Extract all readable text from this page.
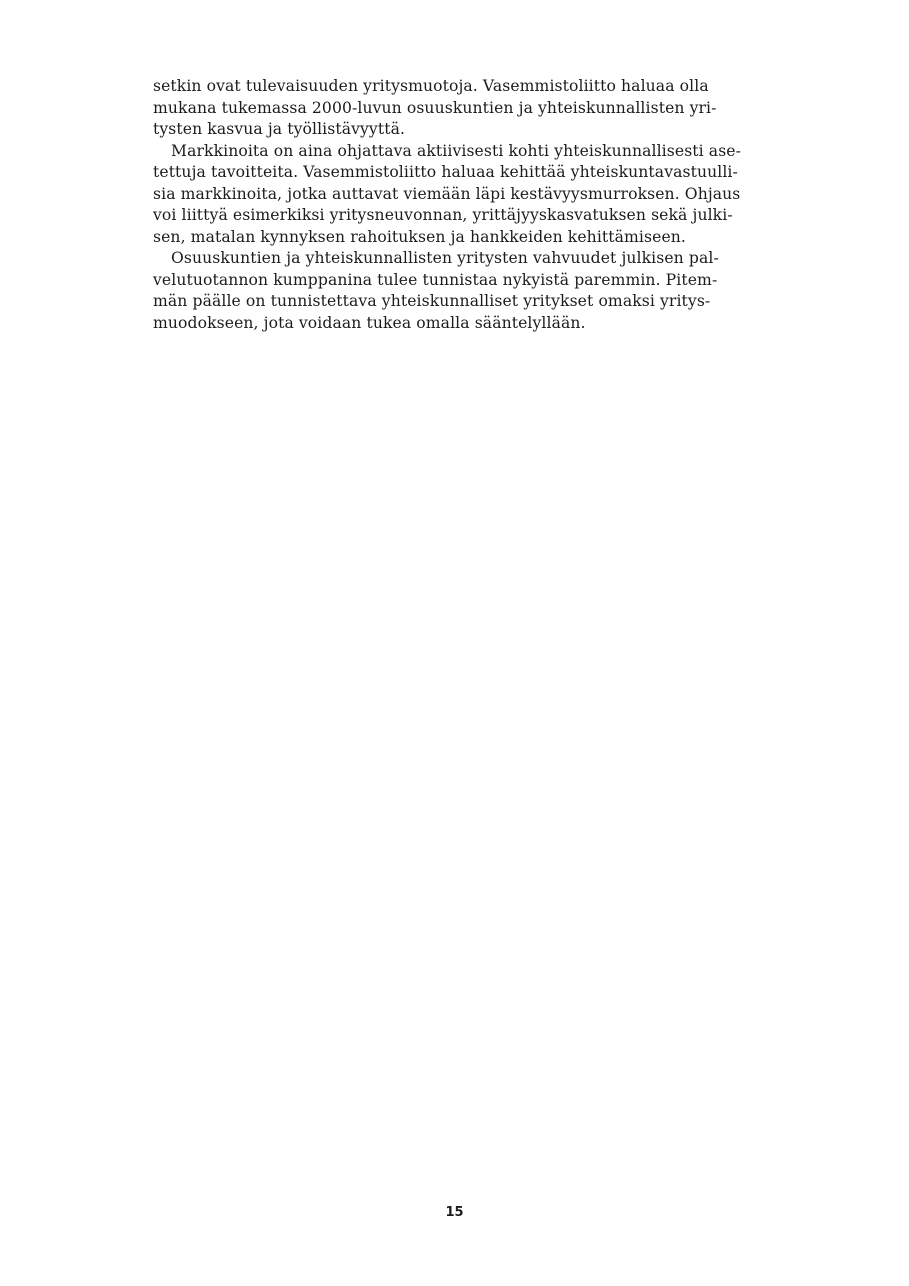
setkin ovat tulevaisuuden yritysmuotoja. Vasemmistoliitto haluaa olla
mukana tukemassa 2000-luvun osuuskuntien ja yhteiskunnallisten yri-
tysten kasvua ja työllistävyyttä.
Markkinoita on aina ohjattava aktiivisesti kohti yhteiskunnallisesti ase-
tettuja tavoitteita. Vasemmistoliitto haluaa kehittää yhteiskuntavastuulli-
sia markkinoita, jotka auttavat viemään läpi kestävyysmurroksen. Ohjaus
voi liittyä esimerkiksi yritysneuvonnan, yrittäjyyskasvatuksen sekä julki-
sen, matalan kynnyksen rahoituksen ja hankkeiden kehittämiseen.
Osuuskuntien ja yhteiskunnallisten yritysten vahvuudet julkisen pal-
velutuotannon kumppanina tulee tunnistaa nykyistä paremmin. Pitem-
män päälle on tunnistettava yhteiskunnalliset yritykset omaksi yritys-
muodokseen, jota voidaan tukea omalla sääntelyllään.
15
